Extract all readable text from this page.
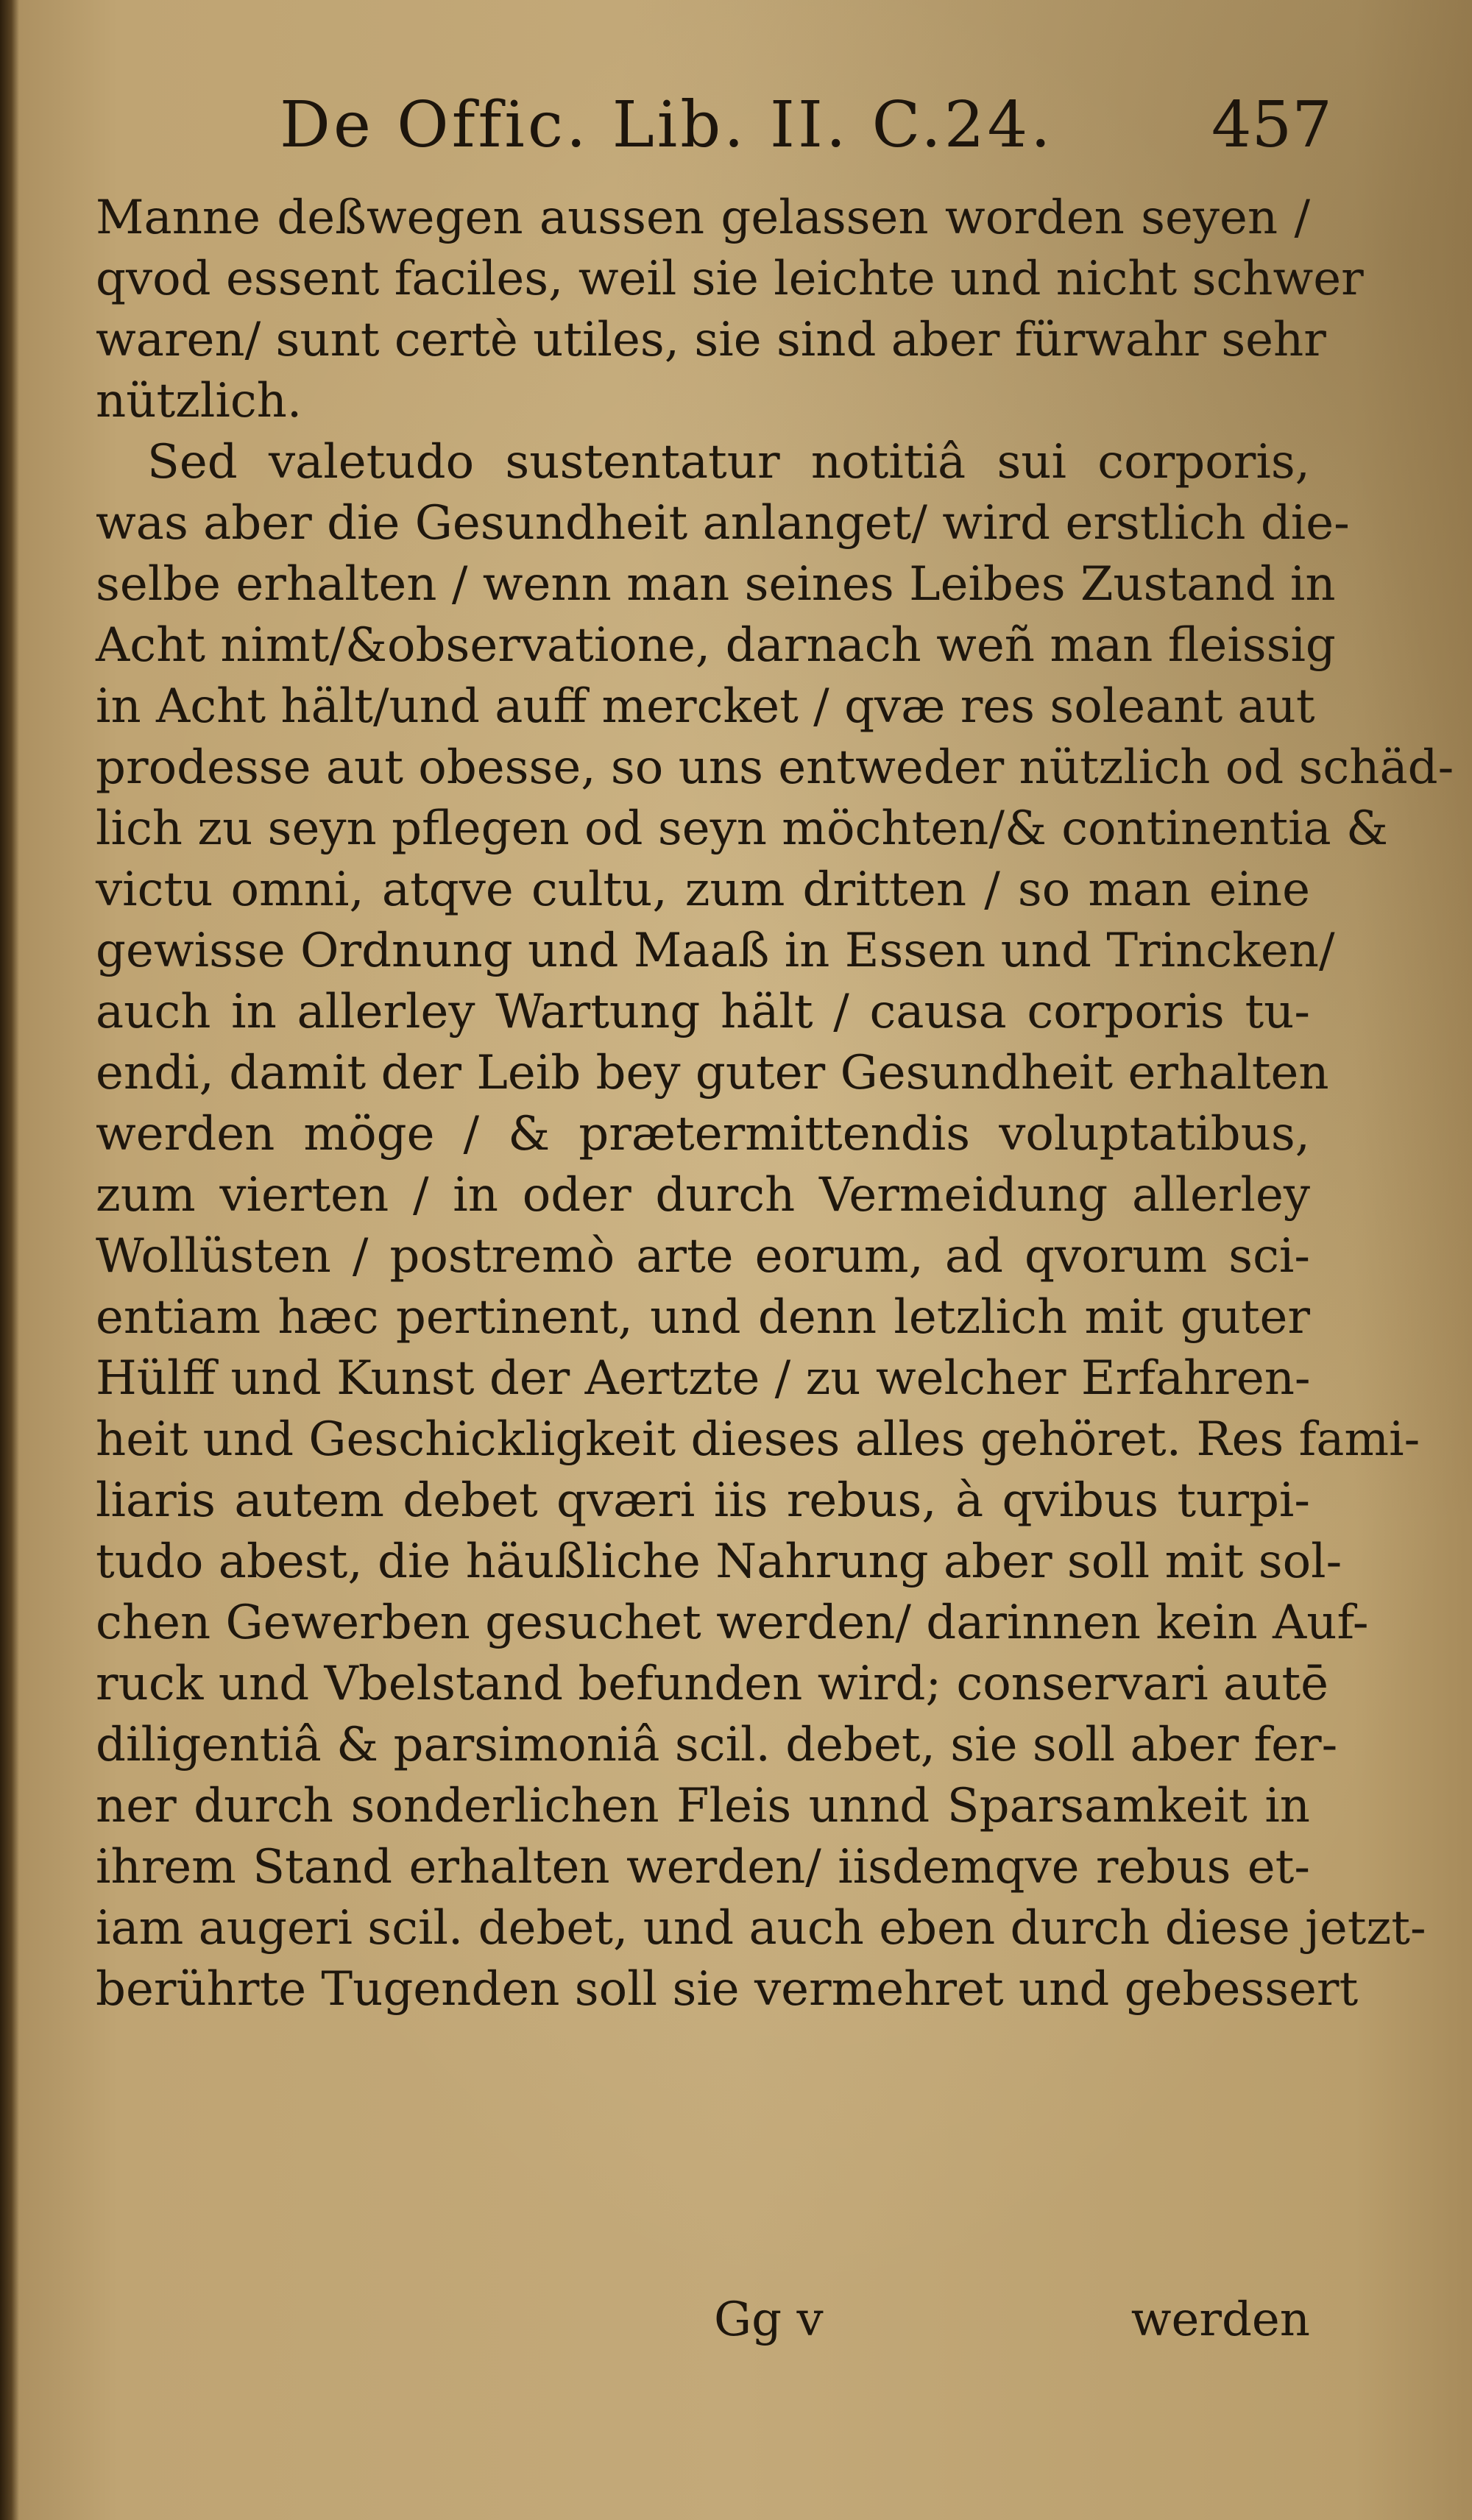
De Offic. Lib. II. C.24. 457
Manne deßwegen aussen gelassen worden seyen /
qvod essent faciles, weil sie leichte und nicht schwer
waren/ sunt certè utiles, sie sind aber fürwahr sehr
nützlich.
Sed valetudo sustentatur notitiâ sui corporis,
was aber die Gesundheit anlanget/ wird erstlich die-
selbe erhalten / wenn man seines Leibes Zustand in
Acht nimt/&observatione, darnach weñ man fleissig
in Acht hält/und auff mercket / qvæ res soleant aut
prodesse aut obesse, so uns entweder nützlich od schäd-
lich zu seyn pflegen od seyn möchten/& continentia &
victu omni, atqve cultu, zum dritten / so man eine
gewisse Ordnung und Maaß in Essen und Trincken/
auch in allerley Wartung hält / causa corporis tu-
endi, damit der Leib bey guter Gesundheit erhalten
werden möge / & prætermittendis voluptatibus,
zum vierten / in oder durch Vermeidung allerley
Wollüsten / postremò arte eorum, ad qvorum sci-
entiam hæc pertinent, und denn letzlich mit guter
Hülff und Kunst der Aertzte / zu welcher Erfahren-
heit und Geschickligkeit dieses alles gehöret. Res fami-
liaris autem debet qværi iis rebus, à qvibus turpi-
tudo abest, die häußliche Nahrung aber soll mit sol-
chen Gewerben gesuchet werden/ darinnen kein Auf-
ruck und Vbelstand befunden wird; conservari autē
diligentiâ & parsimoniâ scil. debet, sie soll aber fer-
ner durch sonderlichen Fleis unnd Sparsamkeit in
ihrem Stand erhalten werden/ iisdemqve rebus et-
iam augeri scil. debet, und auch eben durch diese jetzt-
berührte Tugenden soll sie vermehret und gebessert
Gg v	werden
